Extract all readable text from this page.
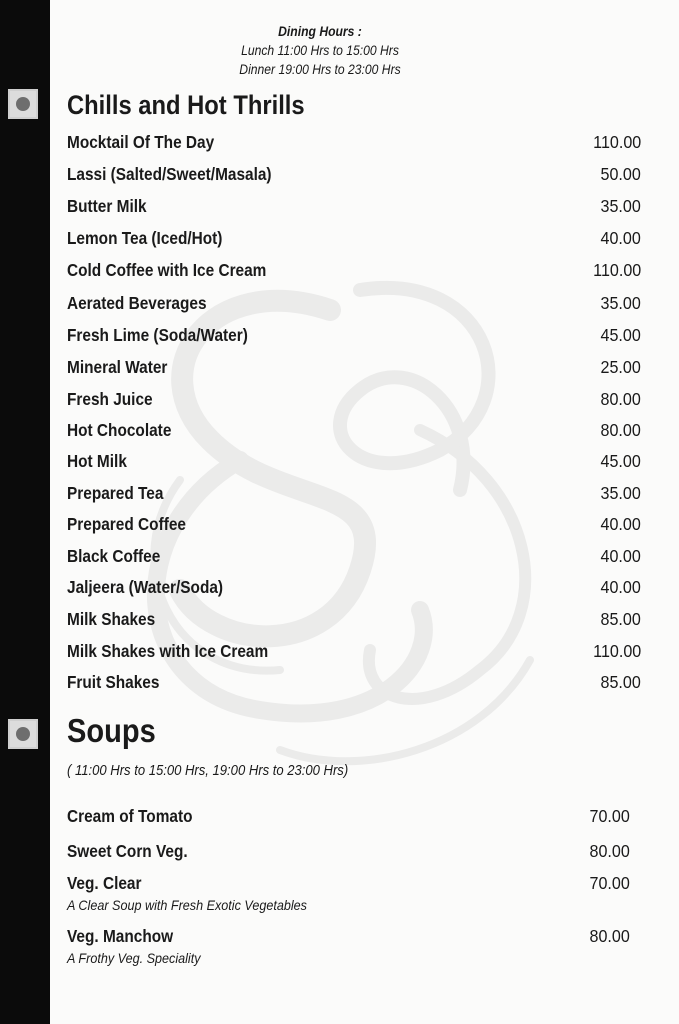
Dining Hours :
Lunch 11:00 Hrs to 15:00 Hrs
Dinner 19:00 Hrs to 23:00 Hrs
Chills and Hot Thrills
Mocktail Of The Day	110.00
Lassi (Salted/Sweet/Masala)	50.00
Butter Milk	35.00
Lemon Tea (Iced/Hot)	40.00
Cold Coffee with Ice Cream	110.00
Aerated Beverages	35.00
Fresh Lime (Soda/Water)	45.00
Mineral Water	25.00
Fresh Juice	80.00
Hot Chocolate	80.00
Hot Milk	45.00
Prepared Tea	35.00
Prepared Coffee	40.00
Black Coffee	40.00
Jaljeera (Water/Soda)	40.00
Milk Shakes	85.00
Milk Shakes with Ice Cream	110.00
Fruit Shakes	85.00
Soups
( 11:00 Hrs to 15:00 Hrs, 19:00 Hrs to 23:00 Hrs)
Cream of Tomato	70.00
Sweet Corn Veg.	80.00
Veg. Clear	70.00
A Clear Soup with Fresh Exotic Vegetables
Veg. Manchow	80.00
A Frothy Veg. Speciality
